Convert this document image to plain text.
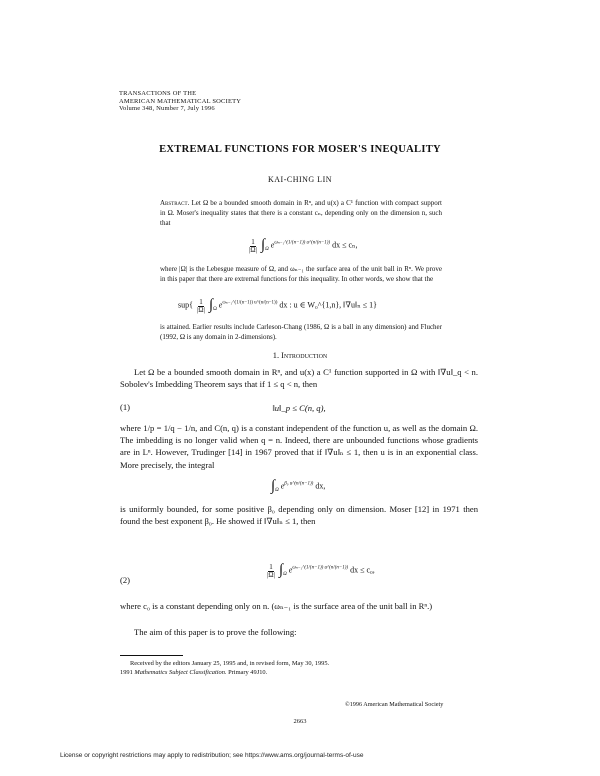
TRANSACTIONS OF THE
AMERICAN MATHEMATICAL SOCIETY
Volume 348, Number 7, July 1996
EXTREMAL FUNCTIONS FOR MOSER'S INEQUALITY
KAI-CHING LIN
Abstract. Let Ω be a bounded smooth domain in Rⁿ, and u(x) a C¹ function with compact support in Ω. Moser's inequality states that there is a constant cₙ, depending only on the dimension n, such that
1
|Ω| $\int_\Omega$ $e^{\omega_{n-1}\^{}(1/(n-1)) u\^{}(n/(n-1))}$ dx ≤ cₙ,
where |Ω| is the Lebesgue measure of Ω, and ωₙ₋₁ the surface area of the unit ball in Rⁿ. We prove in this paper that there are extremal functions for this inequality. In other words, we show that the
sup{ 1
|Ω| $\int_\Omega$ $e^{\omega_{n-1}\^{}(1/(n-1)) u\^{}(n/(n-1))}$ dx : u ∈ W₀^{1,n}, ‖∇u‖ₙ ≤ 1}
is attained. Earlier results include Carleson-Chang (1986, Ω is a ball in any dimension) and Flucher (1992, Ω is any domain in 2-dimensions).
1. Introduction
Let Ω be a bounded smooth domain in Rⁿ, and u(x) a C¹ function supported in Ω with ‖∇u‖_q < n. Sobolev's Imbedding Theorem says that if 1 ≤ q < n, then
(1)	‖u‖_p ≤ C(n, q),
where 1/p = 1/q − 1/n, and C(n, q) is a constant independent of the function u, as well as the domain Ω. The imbedding is no longer valid when q = n. Indeed, there are unbounded functions whose gradients are in Lⁿ. However, Trudinger [14] in 1967 proved that if ‖∇u‖ₙ ≤ 1, then u is in an exponential class. More precisely, the integral
$\int_\Omega$ $e^{\beta_0 u\^{}(n/(n-1))}$ dx,
is uniformly bounded, for some positive β₀ depending only on dimension. Moser [12] in 1971 then found the best exponent β₀. He showed if ‖∇u‖ₙ ≤ 1, then
(2)
1
|Ω| $\int_\Omega$ $e^{\omega_{n-1}\^{}(1/(n-1)) u\^{}(n/(n-1))}$ dx ≤ c₀,
where c₀ is a constant depending only on n. (ωₙ₋₁ is the surface area of the unit ball in Rⁿ.)
The aim of this paper is to prove the following:
Received by the editors January 25, 1995 and, in revised form, May 30, 1995.
1991 Mathematics Subject Classification. Primary 49J10.
©1996 American Mathematical Society
2663
License or copyright restrictions may apply to redistribution; see https://www.ams.org/journal-terms-of-use
